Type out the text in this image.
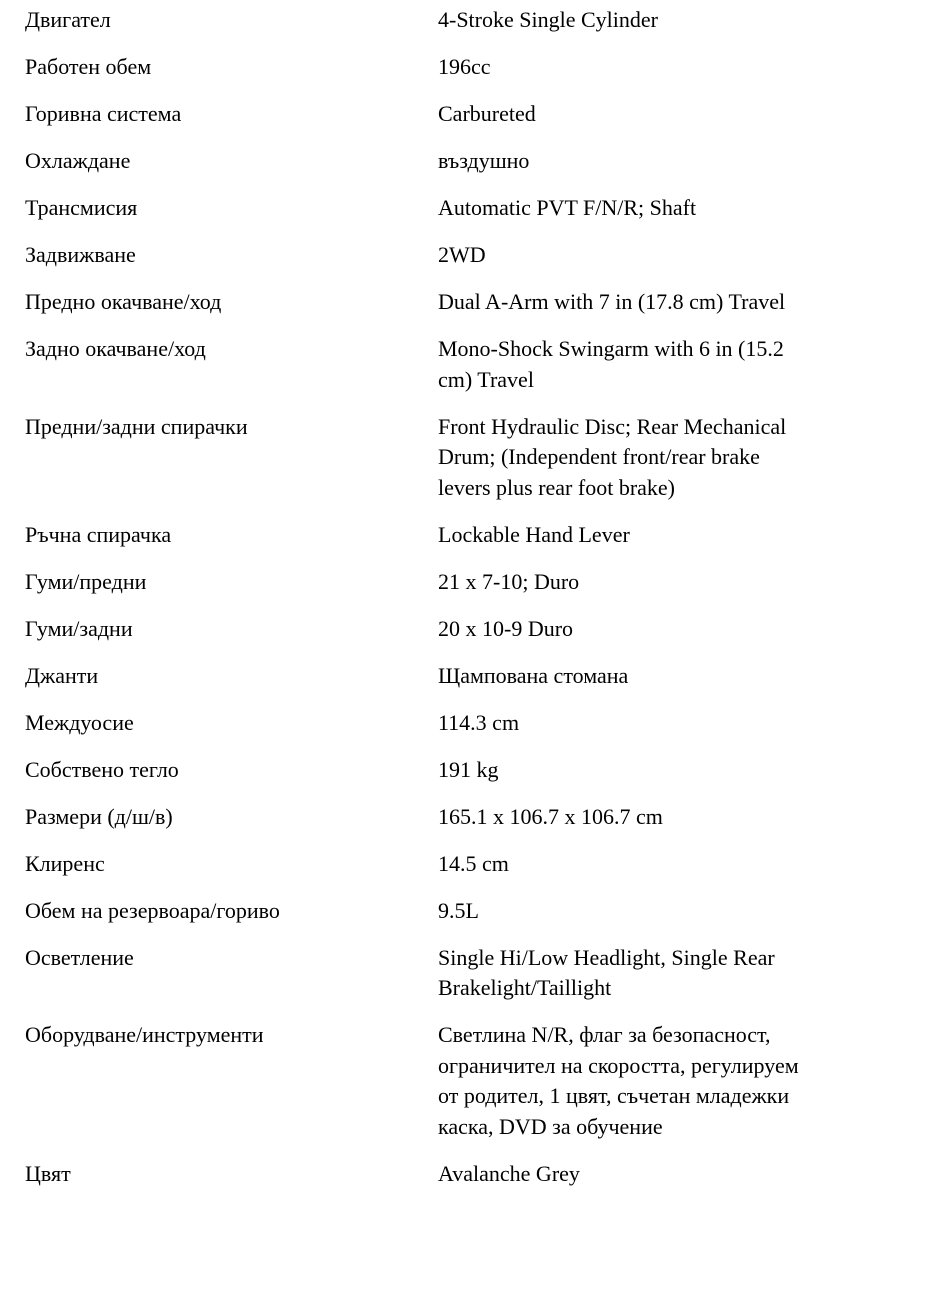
Двигател	4-Stroke Single Cylinder
Работен обем	196cc
Горивна система	Carbureted
Охлаждане	въздушно
Трансмисия	Automatic PVT F/N/R; Shaft
Задвижване	2WD
Предно окачване/ход	Dual A-Arm with 7 in (17.8 cm) Travel
Задно окачване/ход	Mono-Shock Swingarm with 6 in (15.2 cm) Travel
Предни/задни спирачки	Front Hydraulic Disc; Rear Mechanical Drum; (Independent front/rear brake levers plus rear foot brake)
Ръчна спирачка	Lockable Hand Lever
Гуми/предни	21 x 7-10; Duro
Гуми/задни	20 x 10-9 Duro
Джанти	Щампована стомана
Междуосие	114.3 cm
Собствено тегло	191 kg
Размери (д/ш/в)	165.1 x 106.7 x 106.7 cm
Клиренс	14.5 cm
Обем на резервоара/гориво	9.5L
Осветление	Single Hi/Low Headlight, Single Rear Brakelight/Taillight
Оборудване/инструменти	Светлина N/R, флаг за безопасност, ограничител на скоростта, регулируем от родител, 1 цвят, съчетан младежки каска, DVD за обучение
Цвят	Avalanche Grey
